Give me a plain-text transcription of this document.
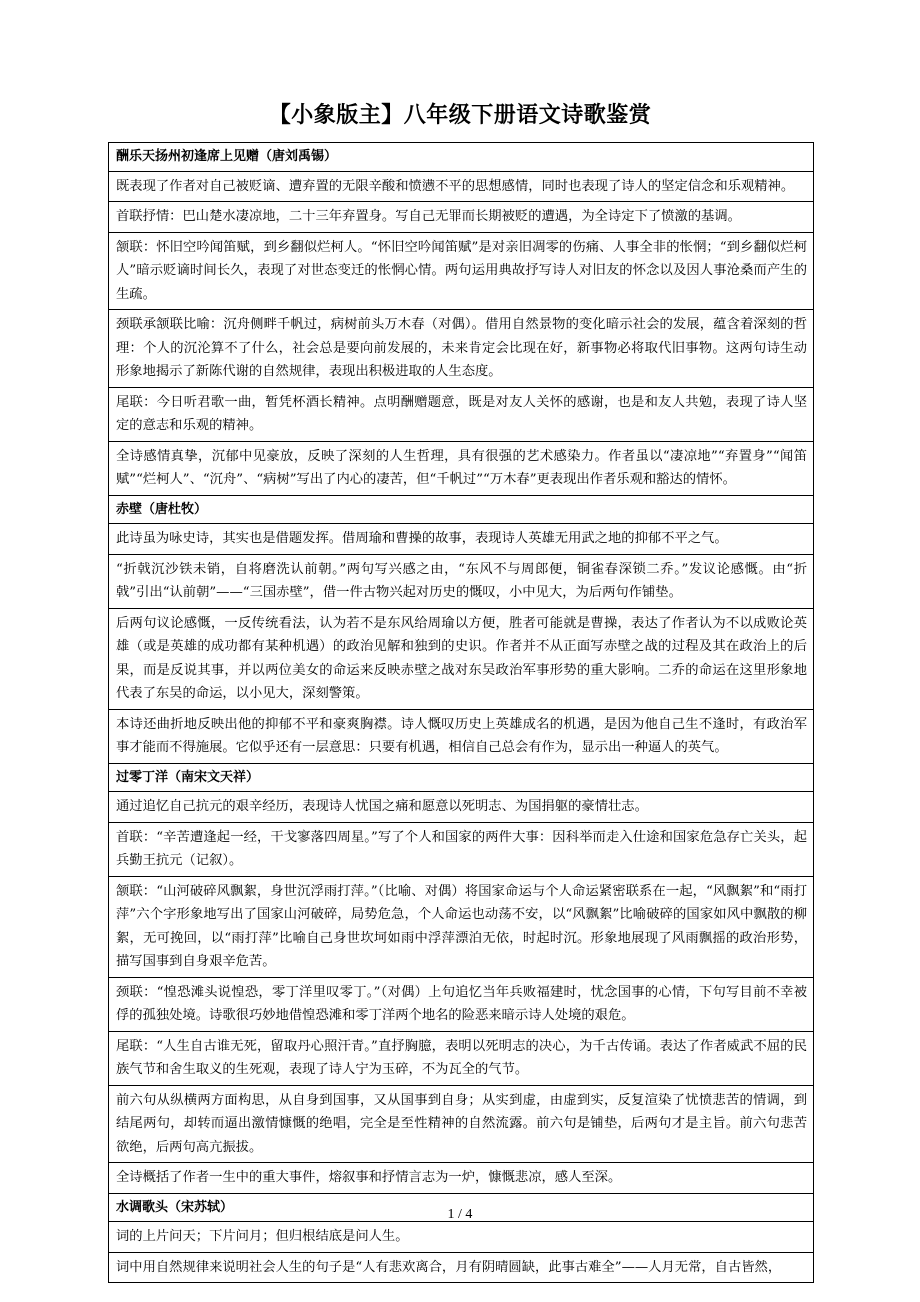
【小象版主】八年级下册语文诗歌鉴赏
酬乐天扬州初逢席上见赠（唐刘禹锡）
既表现了作者对自己被贬谪、遭弃置的无限辛酸和愤懑不平的思想感情，同时也表现了诗人的坚定信念和乐观精神。
首联抒情：巴山楚水凄凉地，二十三年弃置身。写自己无罪而长期被贬的遭遇，为全诗定下了愤激的基调。
颔联：怀旧空吟闻笛赋，到乡翻似烂柯人。“怀旧空吟闻笛赋”是对亲旧凋零的伤痛、人事全非的怅惘；“到乡翻似烂柯人”暗示贬谪时间长久，表现了对世态变迁的怅惘心情。两句运用典故抒写诗人对旧友的怀念以及因人事沧桑而产生的生疏。
颈联承颔联比喻：沉舟侧畔千帆过，病树前头万木春（对偶）。借用自然景物的变化暗示社会的发展，蕴含着深刻的哲理：个人的沉沦算不了什么，社会总是要向前发展的，未来肯定会比现在好，新事物必将取代旧事物。这两句诗生动形象地揭示了新陈代谢的自然规律，表现出积极进取的人生态度。
尾联：今日听君歌一曲，暂凭杯酒长精神。点明酬赠题意，既是对友人关怀的感谢，也是和友人共勉，表现了诗人坚定的意志和乐观的精神。
全诗感情真挚，沉郁中见豪放，反映了深刻的人生哲理，具有很强的艺术感染力。作者虽以“凄凉地”“弃置身”“闻笛赋”“烂柯人”、“沉舟”、“病树”写出了内心的凄苦，但“千帆过”“万木春”更表现出作者乐观和豁达的情怀。
赤壁（唐杜牧）
此诗虽为咏史诗，其实也是借题发挥。借周瑜和曹操的故事，表现诗人英雄无用武之地的抑郁不平之气。
“折戟沉沙铁未销，自将磨洗认前朝。”两句写兴感之由，“东风不与周郎便，铜雀春深锁二乔。”发议论感慨。由“折戟”引出“认前朝”——“三国赤壁”，借一件古物兴起对历史的慨叹，小中见大，为后两句作铺垫。
后两句议论感慨，一反传统看法，认为若不是东风给周瑜以方便，胜者可能就是曹操，表达了作者认为不以成败论英雄（或是英雄的成功都有某种机遇）的政治见解和独到的史识。作者并不从正面写赤壁之战的过程及其在政治上的后果，而是反说其事，并以两位美女的命运来反映赤壁之战对东吴政治军事形势的重大影响。二乔的命运在这里形象地代表了东吴的命运，以小见大，深刻警策。
本诗还曲折地反映出他的抑郁不平和豪爽胸襟。诗人慨叹历史上英雄成名的机遇，是因为他自己生不逢时，有政治军事才能而不得施展。它似乎还有一层意思：只要有机遇，相信自己总会有作为，显示出一种逼人的英气。
过零丁洋（南宋文天祥）
通过追忆自己抗元的艰辛经历，表现诗人忧国之痛和愿意以死明志、为国捐躯的豪情壮志。
首联：“辛苦遭逢起一经，干戈寥落四周星。”写了个人和国家的两件大事：因科举而走入仕途和国家危急存亡关头，起兵勤王抗元（记叙）。
颔联：“山河破碎风飘絮，身世沉浮雨打萍。”（比喻、对偶）将国家命运与个人命运紧密联系在一起，“风飘絮”和“雨打萍”六个字形象地写出了国家山河破碎，局势危急，个人命运也动荡不安，以“风飘絮”比喻破碎的国家如风中飘散的柳絮，无可挽回，以“雨打萍”比喻自己身世坎坷如雨中浮萍漂泊无依，时起时沉。形象地展现了风雨飘摇的政治形势，描写国事到自身艰辛危苦。
颈联：“惶恐滩头说惶恐，零丁洋里叹零丁。”（对偶）上句追忆当年兵败福建时，忧念国事的心情，下句写目前不幸被俘的孤独处境。诗歌很巧妙地借惶恐滩和零丁洋两个地名的险恶来暗示诗人处境的艰危。
尾联：“人生自古谁无死，留取丹心照汗青。”直抒胸臆，表明以死明志的决心，为千古传诵。表达了作者威武不屈的民族气节和舍生取义的生死观，表现了诗人宁为玉碎，不为瓦全的气节。
前六句从纵横两方面构思，从自身到国事，又从国事到自身；从实到虚，由虚到实，反复渲染了忧愤悲苦的情调，到结尾两句，却转而逼出激情慷慨的绝唱，完全是至性精神的自然流露。前六句是铺垫，后两句才是主旨。前六句悲苦欲绝，后两句高亢振拔。
全诗概括了作者一生中的重大事件，熔叙事和抒情言志为一炉，慷慨悲凉，感人至深。
水调歌头（宋苏轼）
词的上片问天；下片问月；但归根结底是问人生。
词中用自然规律来说明社会人生的句子是“人有悲欢离合，月有阴晴圆缺，此事古难全”——人月无常，自古皆然，
1 / 4
